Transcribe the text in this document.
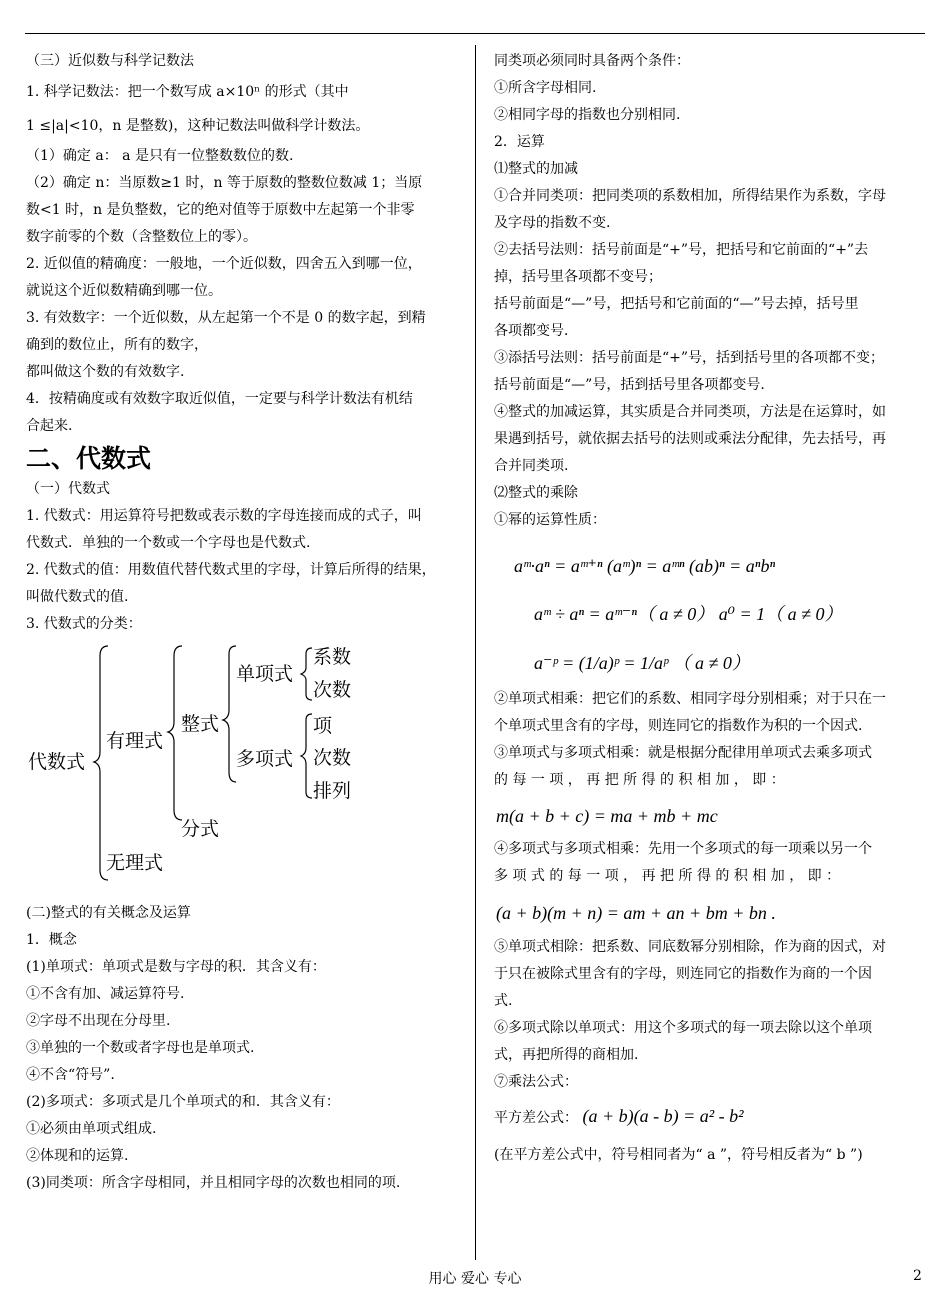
（三）近似数与科学记数法
1. 科学记数法：把一个数写成 a×10ⁿ 的形式（其中
1 ≤|a|<10，n 是整数)，这种记数法叫做科学计数法。
（1）确定 a： a 是只有一位整数数位的数.
（2）确定 n：当原数≥1 时，n 等于原数的整数位数减 1；当原
数<1 时，n 是负整数，它的绝对值等于原数中左起第一个非零
数字前零的个数（含整数位上的零）。
2. 近似值的精确度：一般地，一个近似数，四舍五入到哪一位，
就说这个近似数精确到哪一位。
3. 有效数字：一个近似数，从左起第一个不是 0 的数字起，到精
确到的数位止，所有的数字，
都叫做这个数的有效数字.
4．按精确度或有效数字取近似值，一定要与科学计数法有机结
合起来.
二、代数式
（一）代数式
1. 代数式：用运算符号把数或表示数的字母连接而成的式子，叫
代数式．单独的一个数或一个字母也是代数式.
2. 代数式的值：用数值代替代数式里的字母，计算后所得的结果，
叫做代数式的值.
3. 代数式的分类：
代数式
有理式
无理式
整式
分式
单项式
多项式
系数
次数
项
次数
排列
(二)整式的有关概念及运算
1．概念
(1)单项式：单项式是数与字母的积．其含义有：
①不含有加、减运算符号.
②字母不出现在分母里.
③单独的一个数或者字母也是单项式.
④不含“符号”.
(2)多项式：多项式是几个单项式的和．其含义有：
①必须由单项式组成.
②体现和的运算.
(3)同类项：所含字母相同，并且相同字母的次数也相同的项.
同类项必须同时具备两个条件：
①所含字母相同.
②相同字母的指数也分别相同.
2．运算
⑴整式的加减
①合并同类项：把同类项的系数相加，所得结果作为系数，字母
及字母的指数不变.
②去括号法则：括号前面是“+”号，把括号和它前面的“+”去
掉，括号里各项都不变号；
括号前面是“—”号，把括号和它前面的“—”号去掉，括号里
各项都变号．
③添括号法则：括号前面是“+”号，括到括号里的各项都不变；
括号前面是“—”号，括到括号里各项都变号.
④整式的加减运算，其实质是合并同类项，方法是在运算时，如
果遇到括号，就依据去括号的法则或乘法分配律，先去括号，再
合并同类项.
⑵整式的乘除
①幂的运算性质：
aᵐ·aⁿ = aᵐ⁺ⁿ (aᵐ)ⁿ = aᵐⁿ (ab)ⁿ = aⁿbⁿ
aᵐ ÷ aⁿ = aᵐ⁻ⁿ（ a ≠ 0） a⁰ = 1（ a ≠ 0）
a⁻ᵖ = (1/a)ᵖ = 1/aᵖ （ a ≠ 0）
②单项式相乘：把它们的系数、相同字母分别相乘；对于只在一
个单项式里含有的字母，则连同它的指数作为积的一个因式.
③单项式与多项式相乘：就是根据分配律用单项式去乘多项式
的 每 一 项 ， 再 把 所 得 的 积 相 加 ， 即 ：
m(a + b + c) = ma + mb + mc
④多项式与多项式相乘：先用一个多项式的每一项乘以另一个
多 项 式 的 每 一 项 ， 再 把 所 得 的 积 相 加 ， 即 ：
(a + b)(m + n) = am + an + bm + bn .
⑤单项式相除：把系数、同底数幂分别相除，作为商的因式，对
于只在被除式里含有的字母，则连同它的指数作为商的一个因
式.
⑥多项式除以单项式：用这个多项式的每一项去除以这个单项
式，再把所得的商相加.
⑦乘法公式：
平方差公式： (a + b)(a - b) = a² - b²
(在平方差公式中，符号相同者为“ a ”，符号相反者为“ b ”)
用心 爱心 专心	2
